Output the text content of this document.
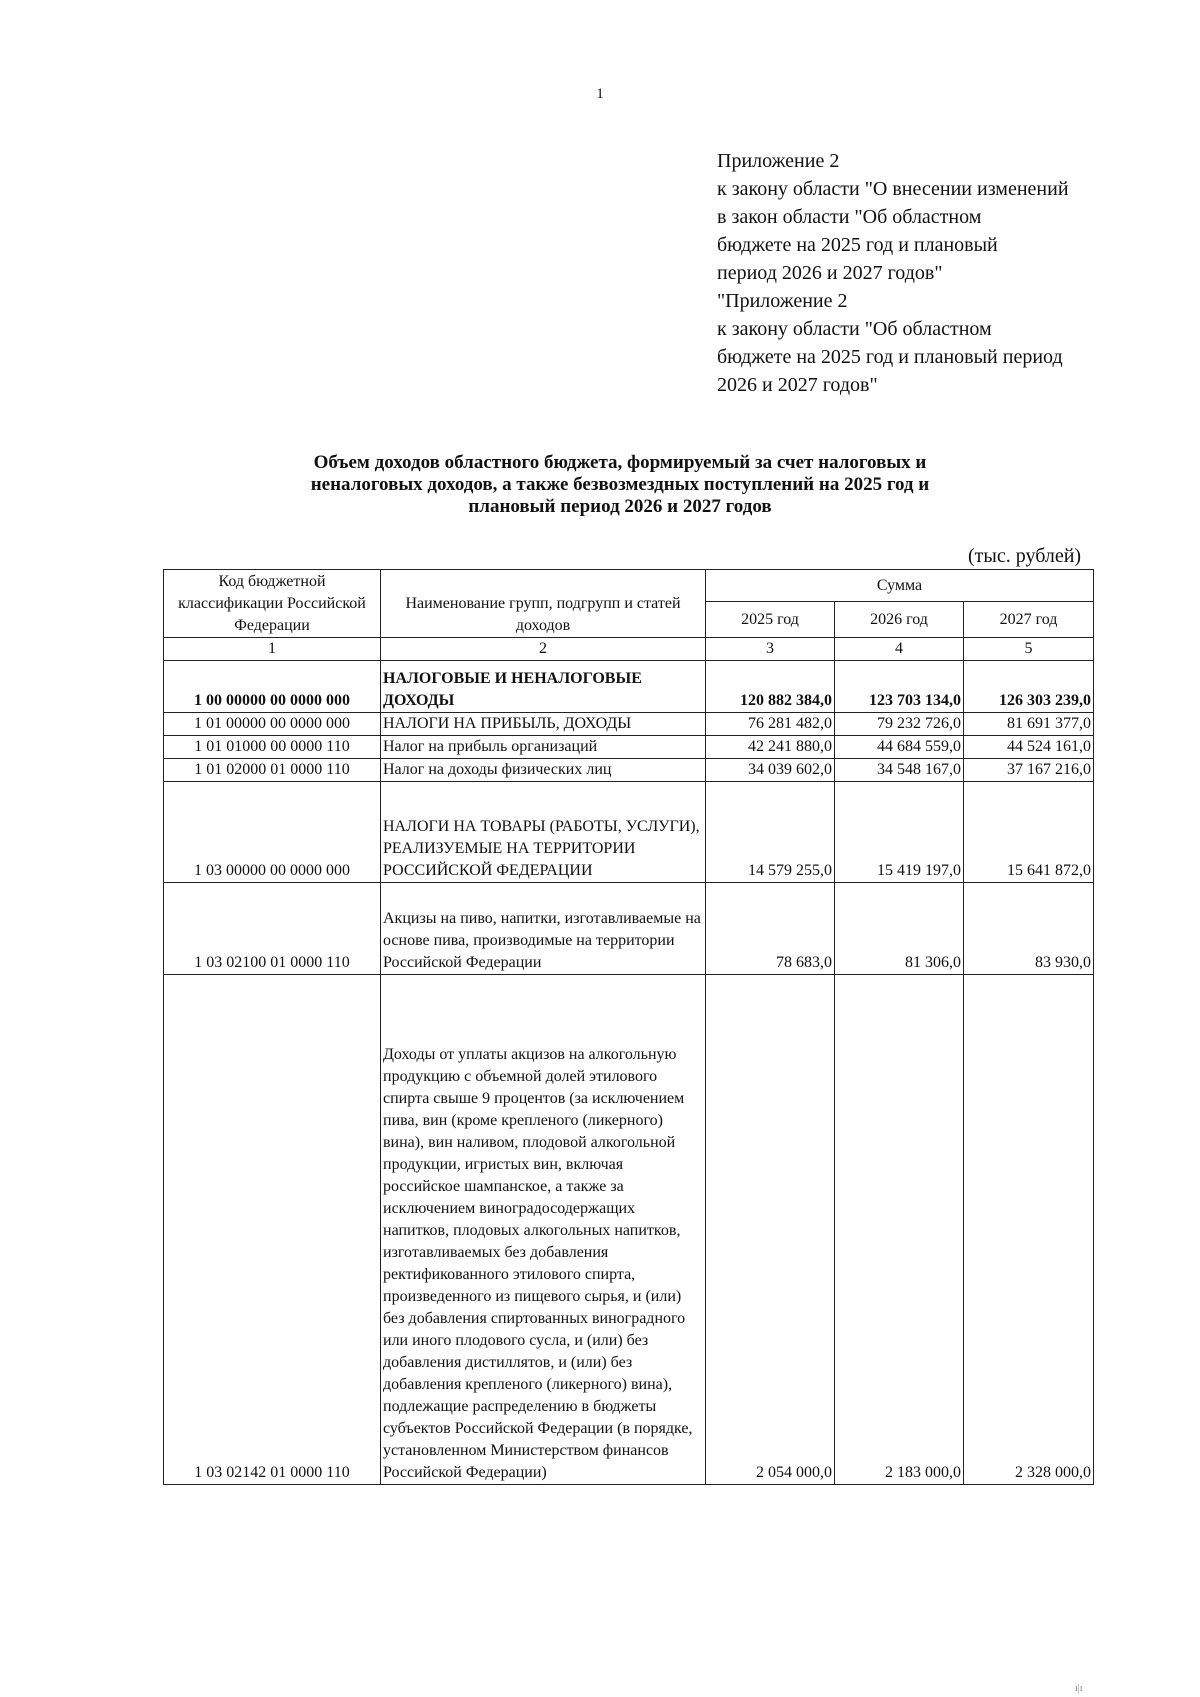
1
Приложение 2
к закону области "О внесении изменений
в закон области "Об областном
бюджете на 2025 год и плановый
период 2026 и 2027 годов"
"Приложение 2
к закону области "Об областном
бюджете на 2025 год и плановый период
2026 и 2027 годов"
Объем доходов областного бюджета, формируемый за счет налоговых и
неналоговых доходов, а также безвозмездных поступлений на 2025 год и
плановый период 2026 и 2027 годов
(тыс. рублей)
Код бюджетной классификации Российской Федерации	Наименование групп, подгрупп и статей доходов	Сумма		
		2025 год	2026 год	2027 год
1	2	3	4	5
1 00 00000 00 0000 000	НАЛОГОВЫЕ И НЕНАЛОГОВЫЕ ДОХОДЫ	120 882 384,0	123 703 134,0	126 303 239,0
1 01 00000 00 0000 000	НАЛОГИ НА ПРИБЫЛЬ, ДОХОДЫ	76 281 482,0	79 232 726,0	81 691 377,0
1 01 01000 00 0000 110	Налог на прибыль организаций	42 241 880,0	44 684 559,0	44 524 161,0
1 01 02000 01 0000 110	Налог на доходы физических лиц	34 039 602,0	34 548 167,0	37 167 216,0
1 03 00000 00 0000 000	НАЛОГИ НА ТОВАРЫ (РАБОТЫ, УСЛУГИ), РЕАЛИЗУЕМЫЕ НА ТЕРРИТОРИИ РОССИЙСКОЙ ФЕДЕРАЦИИ	14 579 255,0	15 419 197,0	15 641 872,0
1 03 02100 01 0000 110	Акцизы на пиво, напитки, изготавливаемые на основе пива, производимые на территории Российской Федерации	78 683,0	81 306,0	83 930,0
1 03 02142 01 0000 110	Доходы от уплаты акцизов на алкогольную продукцию с объемной долей этилового спирта свыше 9 процентов (за исключением пива, вин (кроме крепленого (ликерного) вина), вин наливом, плодовой алкогольной продукции, игристых вин, включая российское шампанское, а также за исключением виноградосодержащих напитков, плодовых алкогольных напитков, изготавливаемых без добавления ректификованного этилового спирта, произведенного из пищевого сырья, и (или) без добавления спиртованных виноградного или иного плодового сусла, и (или) без добавления дистиллятов, и (или) без добавления крепленого (ликерного) вина), подлежащие распределению в бюджеты субъектов Российской Федерации (в порядке, установленном Министерством финансов Российской Федерации)	2 054 000,0	2 183 000,0	2 328 000,0
ı|ı
